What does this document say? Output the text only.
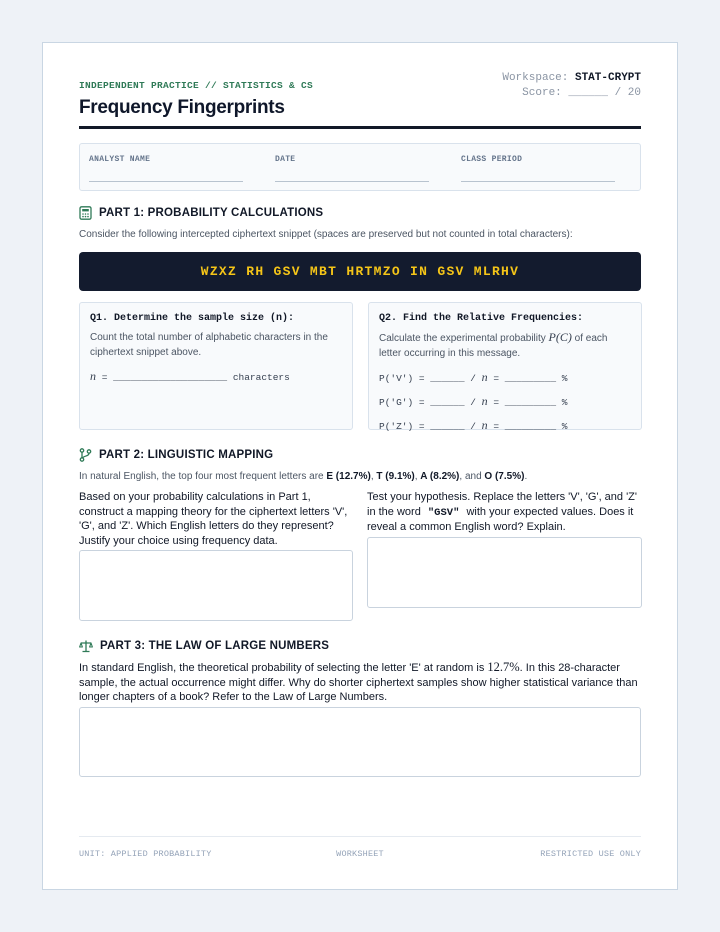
INDEPENDENT PRACTICE // STATISTICS & CS
Frequency Fingerprints
Workspace: STAT-CRYPT
Score: ______ / 20
ANALYST NAME	DATE	CLASS PERIOD
PART 1: PROBABILITY CALCULATIONS
Consider the following intercepted ciphertext snippet (spaces are preserved but not counted in total characters):
WZXZ RH GSV MBT HRTMZO IN GSV MLRHV
Q1. Determine the sample size (n):
Count the total number of alphabetic characters in the ciphertext snippet above.
n = ____________________ characters
Q2. Find the Relative Frequencies:
Calculate the experimental probability P(C) of each letter occurring in this message.
P('V') = ______ / n = _________ %
P('G') = ______ / n = _________ %
P('Z') = ______ / n = _________ %
PART 2: LINGUISTIC MAPPING
In natural English, the top four most frequent letters are E (12.7%), T (9.1%), A (8.2%), and O (7.5%).
Based on your probability calculations in Part 1, construct a mapping theory for the ciphertext letters 'V', 'G', and 'Z'. Which English letters do they represent? Justify your choice using frequency data.
Test your hypothesis. Replace the letters 'V', 'G', and 'Z' in the word "GSV" with your expected values. Does it reveal a common English word? Explain.
PART 3: THE LAW OF LARGE NUMBERS
In standard English, the theoretical probability of selecting the letter 'E' at random is 12.7%. In this 28-character sample, the actual occurrence might differ. Why do shorter ciphertext samples show higher statistical variance than longer chapters of a book? Refer to the Law of Large Numbers.
UNIT: APPLIED PROBABILITY	WORKSHEET	RESTRICTED USE ONLY
